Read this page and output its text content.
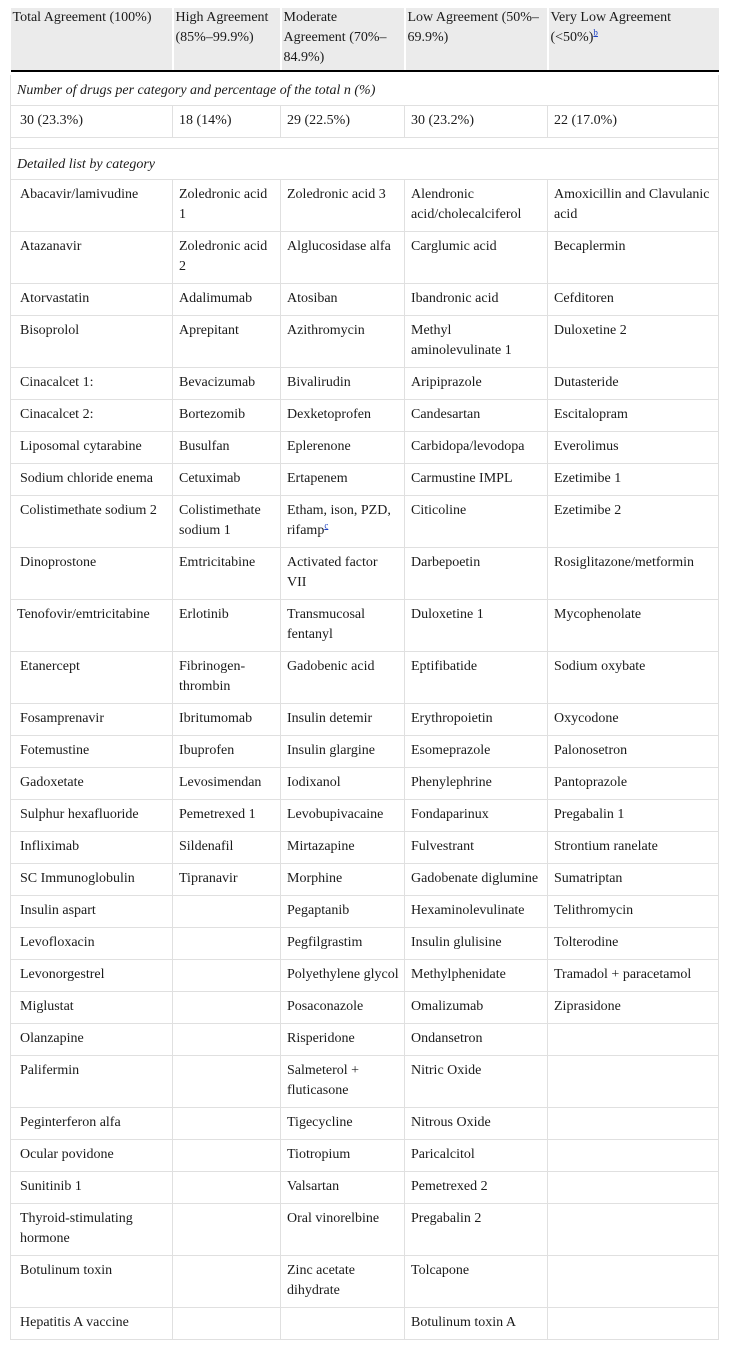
Total Agreement (100%)	High Agreement (85%–99.9%)	Moderate Agreement (70%–84.9%)	Low Agreement (50%–69.9%)	Very Low Agreement (<50%)$^b$

Number of drugs per category and percentage of the total n (%)				
30 (23.3%)	18 (14%)	29 (22.5%)	30 (23.2%)	22 (17.0%)

Detailed list by category				
Abacavir/lamivudine	Zoledronic acid 1	Zoledronic acid 3	Alendronic acid/cholecalciferol	Amoxicillin and Clavulanic acid
Atazanavir	Zoledronic acid 2	Alglucosidase alfa	Carglumic acid	Becaplermin
Atorvastatin	Adalimumab	Atosiban	Ibandronic acid	Cefditoren
Bisoprolol	Aprepitant	Azithromycin	Methyl aminolevulinate 1	Duloxetine 2
Cinacalcet 1:	Bevacizumab	Bivalirudin	Aripiprazole	Dutasteride
Cinacalcet 2:	Bortezomib	Dexketoprofen	Candesartan	Escitalopram
Liposomal cytarabine	Busulfan	Eplerenone	Carbidopa/levodopa	Everolimus
Sodium chloride enema	Cetuximab	Ertapenem	Carmustine IMPL	Ezetimibe 1
Colistimethate sodium 2	Colistimethate sodium 1	Etham, ison, PZD, rifamp$^c$	Citicoline	Ezetimibe 2
Dinoprostone	Emtricitabine	Activated factor VII	Darbepoetin	Rosiglitazone/metformin
Tenofovir/emtricitabine	Erlotinib	Transmucosal fentanyl	Duloxetine 1	Mycophenolate
Etanercept	Fibrinogen-thrombin	Gadobenic acid	Eptifibatide	Sodium oxybate
Fosamprenavir	Ibritumomab	Insulin detemir	Erythropoietin	Oxycodone
Fotemustine	Ibuprofen	Insulin glargine	Esomeprazole	Palonosetron
Gadoxetate	Levosimendan	Iodixanol	Phenylephrine	Pantoprazole
Sulphur hexafluoride	Pemetrexed 1	Levobupivacaine	Fondaparinux	Pregabalin 1
Infliximab	Sildenafil	Mirtazapine	Fulvestrant	Strontium ranelate
SC Immunoglobulin	Tipranavir	Morphine	Gadobenate diglumine	Sumatriptan
Insulin aspart		Pegaptanib	Hexaminolevulinate	Telithromycin
Levofloxacin		Pegfilgrastim	Insulin glulisine	Tolterodine
Levonorgestrel		Polyethylene glycol	Methylphenidate	Tramadol + paracetamol
Miglustat		Posaconazole	Omalizumab	Ziprasidone
Olanzapine		Risperidone	Ondansetron	
Palifermin		Salmeterol + fluticasone	Nitric Oxide	
Peginterferon alfa		Tigecycline	Nitrous Oxide	
Ocular povidone		Tiotropium	Paricalcitol	
Sunitinib 1		Valsartan	Pemetrexed 2	
Thyroid-stimulating hormone		Oral vinorelbine	Pregabalin 2	
Botulinum toxin		Zinc acetate dihydrate	Tolcapone	
Hepatitis A vaccine			Botulinum toxin A	
